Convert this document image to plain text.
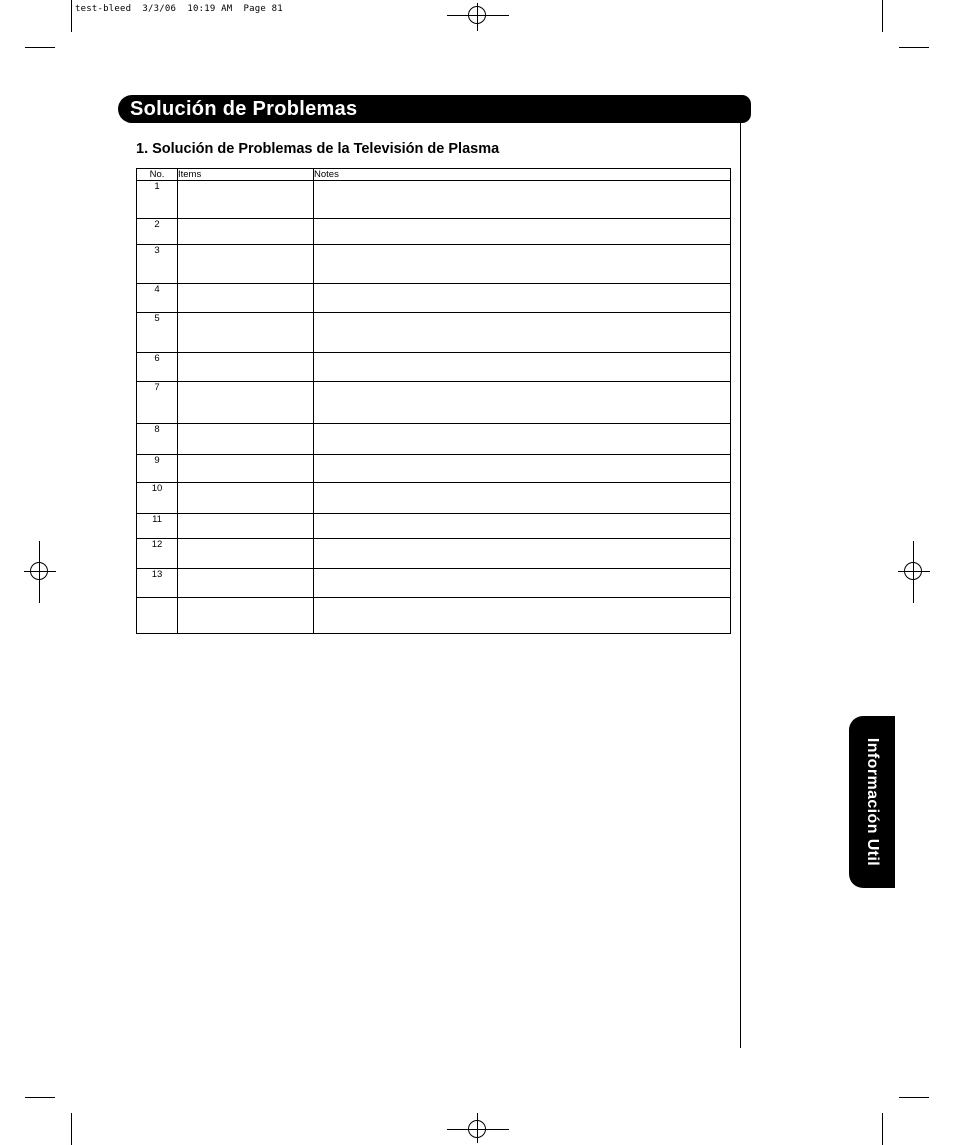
test-bleed  3/3/06  10:19 AM  Page 81
Solución de Problemas
1. Solución de Problemas de la Televisión de Plasma
No.	Items	Notes
1		
2		
3		
4		
5		
6		
7		
8		
9		
10		
11		
12		
13		

Información Util
